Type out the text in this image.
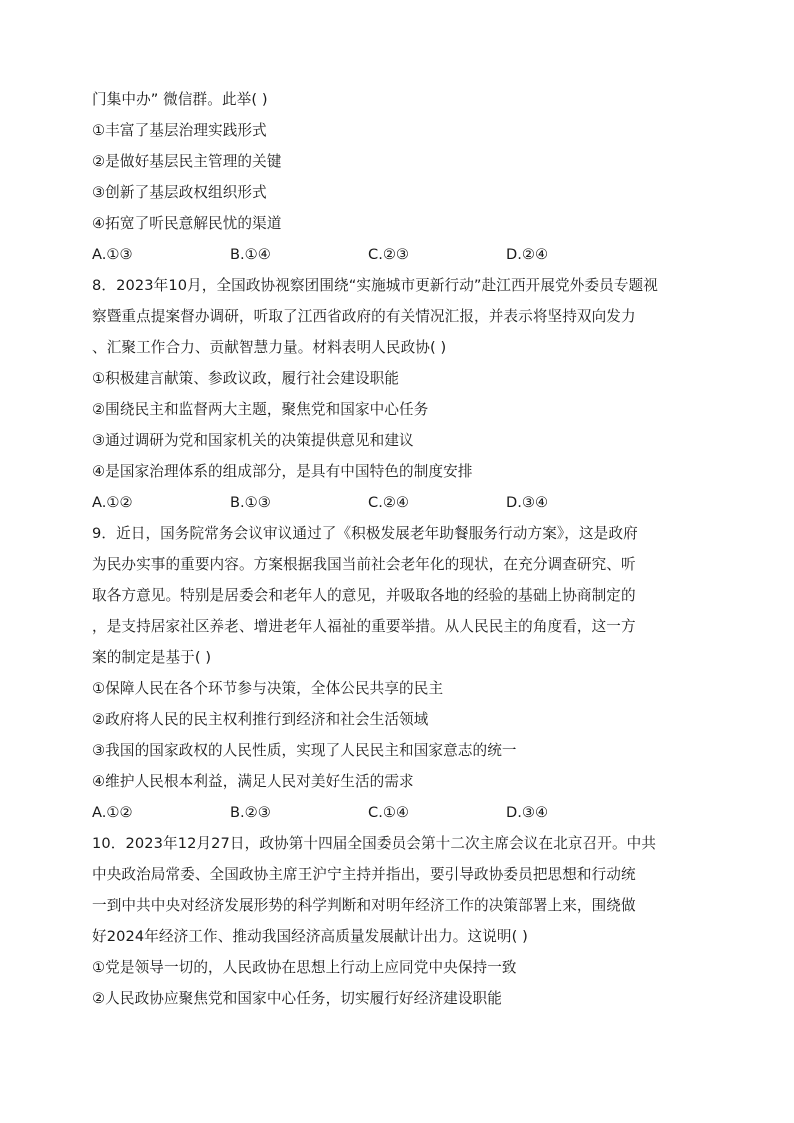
门集中办” 微信群。此举( )
①丰富了基层治理实践形式
②是做好基层民主管理的关键
③创新了基层政权组织形式
④拓宽了听民意解民忧的渠道
A.①③	B.①④	C.②③	D.②④
8．2023年10月，全国政协视察团围绕“实施城市更新行动”赴江西开展党外委员专题视
察暨重点提案督办调研，听取了江西省政府的有关情况汇报，并表示将坚持双向发力
、汇聚工作合力、贡献智慧力量。材料表明人民政协( )
①积极建言献策、参政议政，履行社会建设职能
②围绕民主和监督两大主题，聚焦党和国家中心任务
③通过调研为党和国家机关的决策提供意见和建议
④是国家治理体系的组成部分，是具有中国特色的制度安排
A.①②	B.①③	C.②④	D.③④
9．近日，国务院常务会议审议通过了《积极发展老年助餐服务行动方案》，这是政府
为民办实事的重要内容。方案根据我国当前社会老年化的现状，在充分调查研究、听
取各方意见。特别是居委会和老年人的意见，并吸取各地的经验的基础上协商制定的
，是支持居家社区养老、增进老年人福祉的重要举措。从人民民主的角度看，这一方
案的制定是基于( )
①保障人民在各个环节参与决策，全体公民共享的民主
②政府将人民的民主权利推行到经济和社会生活领域
③我国的国家政权的人民性质，实现了人民民主和国家意志的统一
④维护人民根本利益，满足人民对美好生活的需求
A.①②	B.②③	C.①④	D.③④
10．2023年12月27日，政协第十四届全国委员会第十二次主席会议在北京召开。中共
中央政治局常委、全国政协主席王沪宁主持并指出，要引导政协委员把思想和行动统
一到中共中央对经济发展形势的科学判断和对明年经济工作的决策部署上来，围绕做
好2024年经济工作、推动我国经济高质量发展献计出力。这说明( )
①党是领导一切的，人民政协在思想上行动上应同党中央保持一致
②人民政协应聚焦党和国家中心任务，切实履行好经济建设职能
